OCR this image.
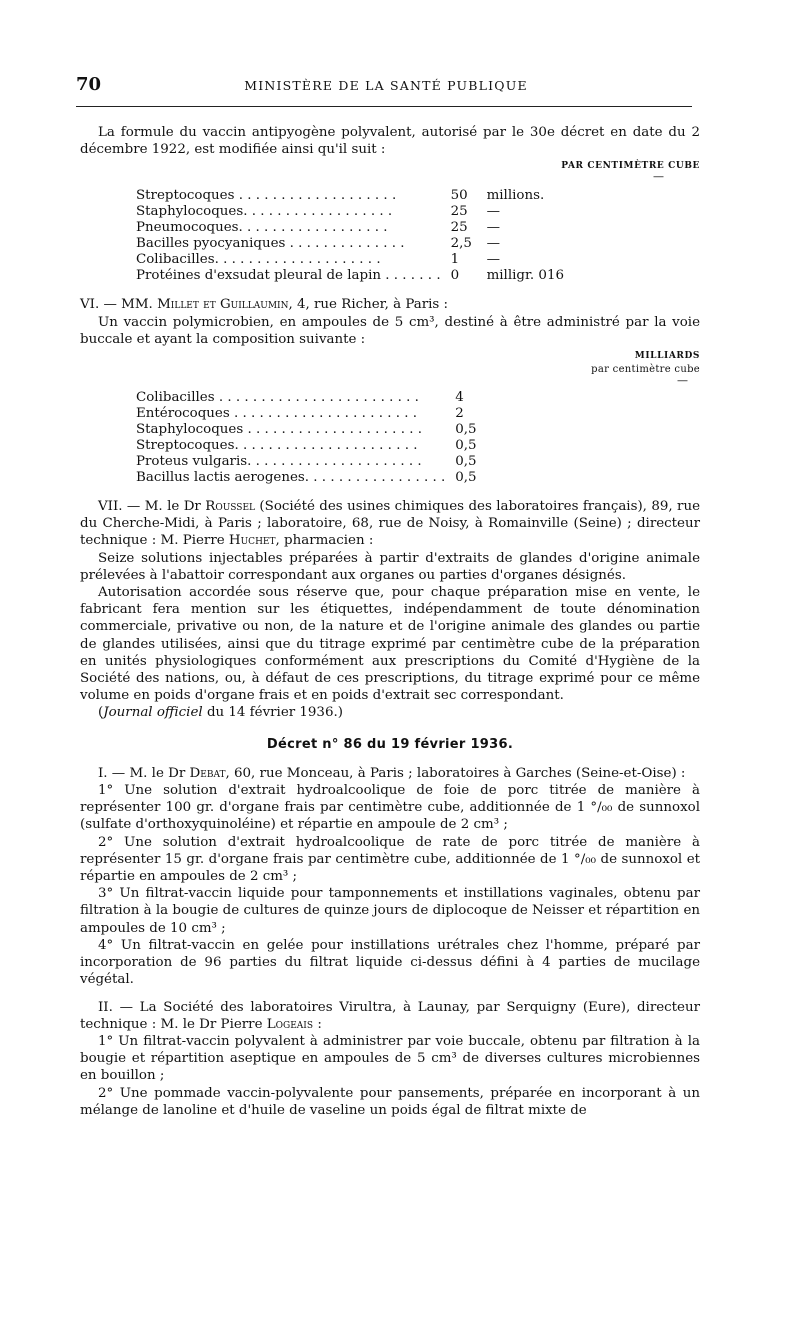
70	MINISTÈRE DE LA SANTÉ PUBLIQUE

La formule du vaccin antipyogène polyvalent, autorisé par le 30e décret en date du 2 décembre 1922, est modifiée ainsi qu'il suit :

PAR CENTIMÈTRE CUBE
—
Streptocoques . . . . . . . . . . . . . . . . . . .	50	millions.
Staphylocoques. . . . . . . . . . . . . . . . . .	25	—
Pneumocoques. . . . . . . . . . . . . . . . . .	25	—
Bacilles pyocyaniques . . . . . . . . . . . . . .	2,5	—
Colibacilles. . . . . . . . . . . . . . . . . . . .	1	—
Protéines d'exsudat pleural de lapin . . . . . . .	0	milligr. 016

VI. — MM. Millet et Guillaumin, 4, rue Richer, à Paris :

Un vaccin polymicrobien, en ampoules de 5 cm³, destiné à être administré par la voie buccale et ayant la composition suivante :

MILLIARDS
par centimètre cube
—
Colibacilles . . . . . . . . . . . . . . . . . . . . . . . .	4
Entérocoques . . . . . . . . . . . . . . . . . . . . . .	2
Staphylocoques . . . . . . . . . . . . . . . . . . . . .	0,5
Streptocoques. . . . . . . . . . . . . . . . . . . . . .	0,5
Proteus vulgaris. . . . . . . . . . . . . . . . . . . . .	0,5
Bacillus lactis aerogenes. . . . . . . . . . . . . . . . .	0,5

VII. — M. le Dr Roussel (Société des usines chimiques des laboratoires français), 89, rue du Cherche-Midi, à Paris ; laboratoire, 68, rue de Noisy, à Romainville (Seine) ; directeur technique : M. Pierre Huchet, pharmacien :

Seize solutions injectables préparées à partir d'extraits de glandes d'origine animale prélevées à l'abattoir correspondant aux organes ou parties d'organes désignés.

Autorisation accordée sous réserve que, pour chaque préparation mise en vente, le fabricant fera mention sur les étiquettes, indépendamment de toute dénomination commerciale, privative ou non, de la nature et de l'origine animale des glandes ou partie de glandes utilisées, ainsi que du titrage exprimé par centimètre cube de la préparation en unités physiologiques conformément aux prescriptions du Comité d'Hygiène de la Société des nations, ou, à défaut de ces prescriptions, du titrage exprimé pour ce même volume en poids d'organe frais et en poids d'extrait sec correspondant.

(Journal officiel du 14 février 1936.)

Décret n° 86 du 19 février 1936.

I. — M. le Dr Debat, 60, rue Monceau, à Paris ; laboratoires à Garches (Seine-et-Oise) :

1° Une solution d'extrait hydroalcoolique de foie de porc titrée de manière à représenter 100 gr. d'organe frais par centimètre cube, additionnée de 1 °/₀₀ de sunnoxol (sulfate d'orthoxyquinoléine) et répartie en ampoule de 2 cm³ ;

2° Une solution d'extrait hydroalcoolique de rate de porc titrée de manière à représenter 15 gr. d'organe frais par centimètre cube, additionnée de 1 °/₀₀ de sunnoxol et répartie en ampoules de 2 cm³ ;

3° Un filtrat-vaccin liquide pour tamponnements et instillations vaginales, obtenu par filtration à la bougie de cultures de quinze jours de diplocoque de Neisser et répartition en ampoules de 10 cm³ ;

4° Un filtrat-vaccin en gelée pour instillations urétrales chez l'homme, préparé par incorporation de 96 parties du filtrat liquide ci-dessus défini à 4 parties de mucilage végétal.

II. — La Société des laboratoires Virultra, à Launay, par Serquigny (Eure), directeur technique : M. le Dr Pierre Logeais :

1° Un filtrat-vaccin polyvalent à administrer par voie buccale, obtenu par filtration à la bougie et répartition aseptique en ampoules de 5 cm³ de diverses cultures microbiennes en bouillon ;

2° Une pommade vaccin-polyvalente pour pansements, préparée en incorporant à un mélange de lanoline et d'huile de vaseline un poids égal de filtrat mixte de
